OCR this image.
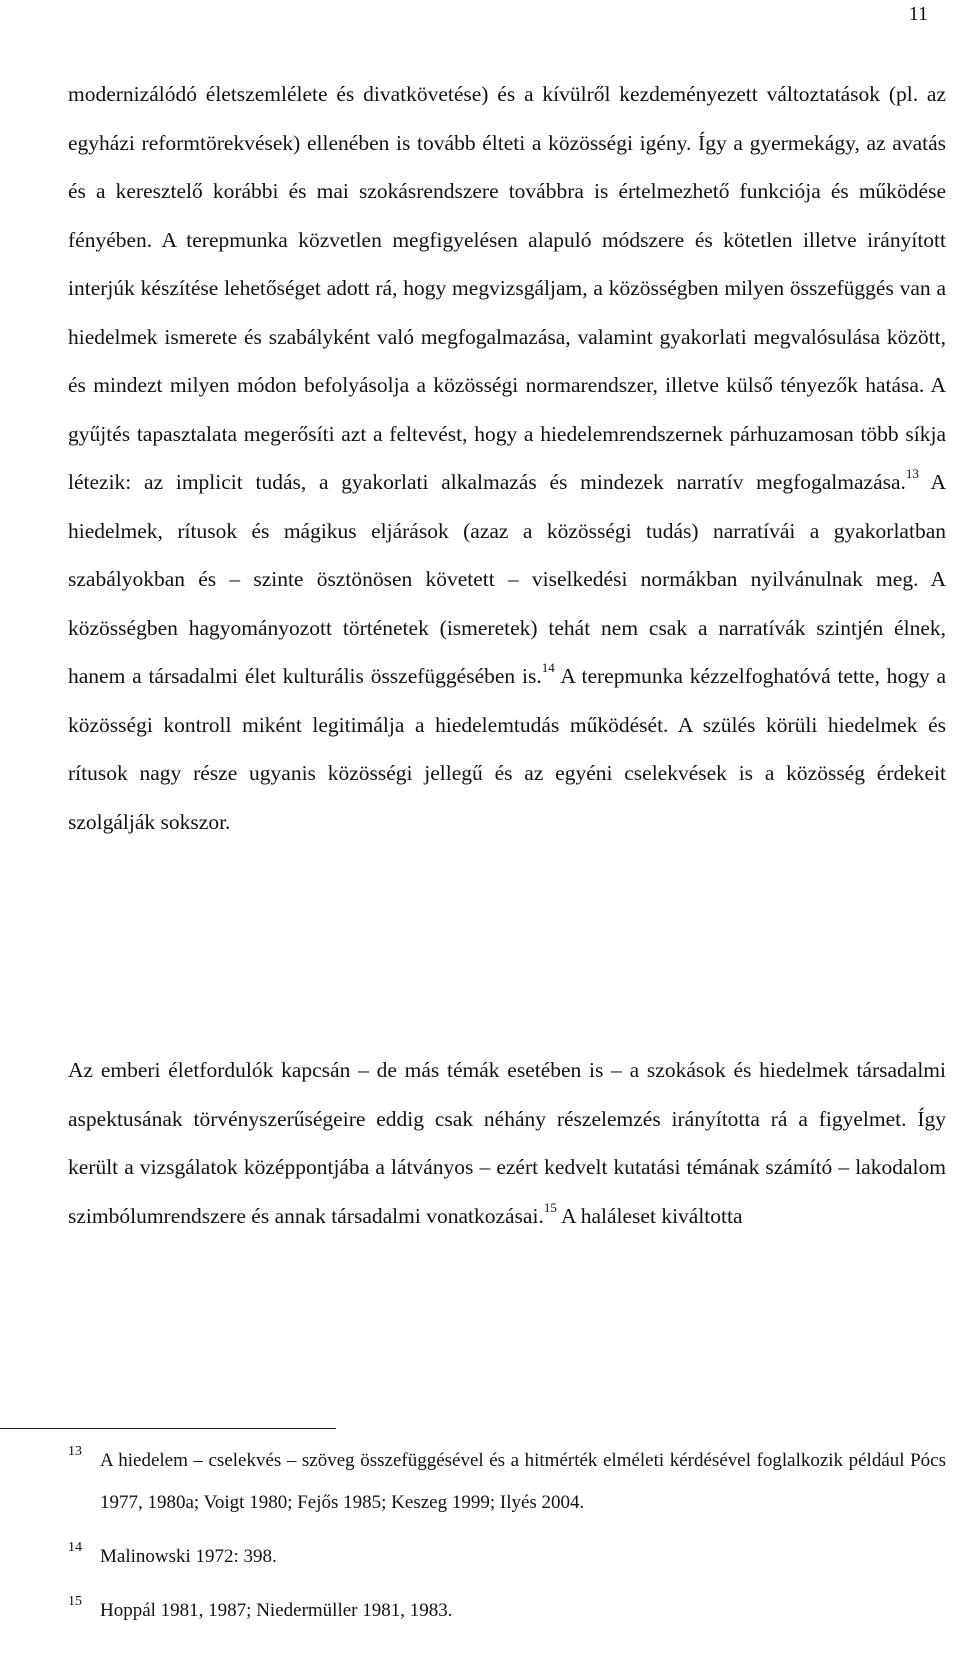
11

modernizálódó életszemlélete és divatkövetése) és a kívülről kezdeményezett változtatások (pl. az egyházi reformtörekvések) ellenében is tovább élteti a közösségi igény. Így a gyermekágy, az avatás és a keresztelő korábbi és mai szokásrendszere továbbra is értelmezhető funkciója és működése fényében. A terepmunka közvetlen megfigyelésen alapuló módszere és kötetlen illetve irányított interjúk készítése lehetőséget adott rá, hogy megvizsgáljam, a közösségben milyen összefüggés van a hiedelmek ismerete és szabályként való megfogalmazása, valamint gyakorlati megvalósulása között, és mindezt milyen módon befolyásolja a közösségi normarendszer, illetve külső tényezők hatása. A gyűjtés tapasztalata megerősíti azt a feltevést, hogy a hiedelemrendszernek párhuzamosan több síkja létezik: az implicit tudás, a gyakorlati alkalmazás és mindezek narratív megfogalmazása.$^{13}$ A hiedelmek, rítusok és mágikus eljárások (azaz a közösségi tudás) narratívái a gyakorlatban szabályokban és – szinte ösztönösen követett – viselkedési normákban nyilvánulnak meg. A közösségben hagyományozott történetek (ismeretek) tehát nem csak a narratívák szintjén élnek, hanem a társadalmi élet kulturális összefüggésében is.$^{14}$ A terepmunka kézzelfoghatóvá tette, hogy a közösségi kontroll miként legitimálja a hiedelemtudás működését. A szülés körüli hiedelmek és rítusok nagy része ugyanis közösségi jellegű és az egyéni cselekvések is a közösség érdekeit szolgálják sokszor.

Az emberi életfordulók kapcsán – de más témák esetében is – a szokások és hiedelmek társadalmi aspektusának törvényszerűségeire eddig csak néhány részelemzés irányította rá a figyelmet. Így került a vizsgálatok középpontjába a látványos – ezért kedvelt kutatási témának számító – lakodalom szimbólumrendszere és annak társadalmi vonatkozásai.$^{15}$ A haláleset kiváltotta

13 A hiedelem – cselekvés – szöveg összefüggésével és a hitmérték elméleti kérdésével foglalkozik például Pócs 1977, 1980a; Voigt 1980; Fejős 1985; Keszeg 1999; Ilyés 2004.
14 Malinowski 1972: 398.
15 Hoppál 1981, 1987; Niedermüller 1981, 1983.
